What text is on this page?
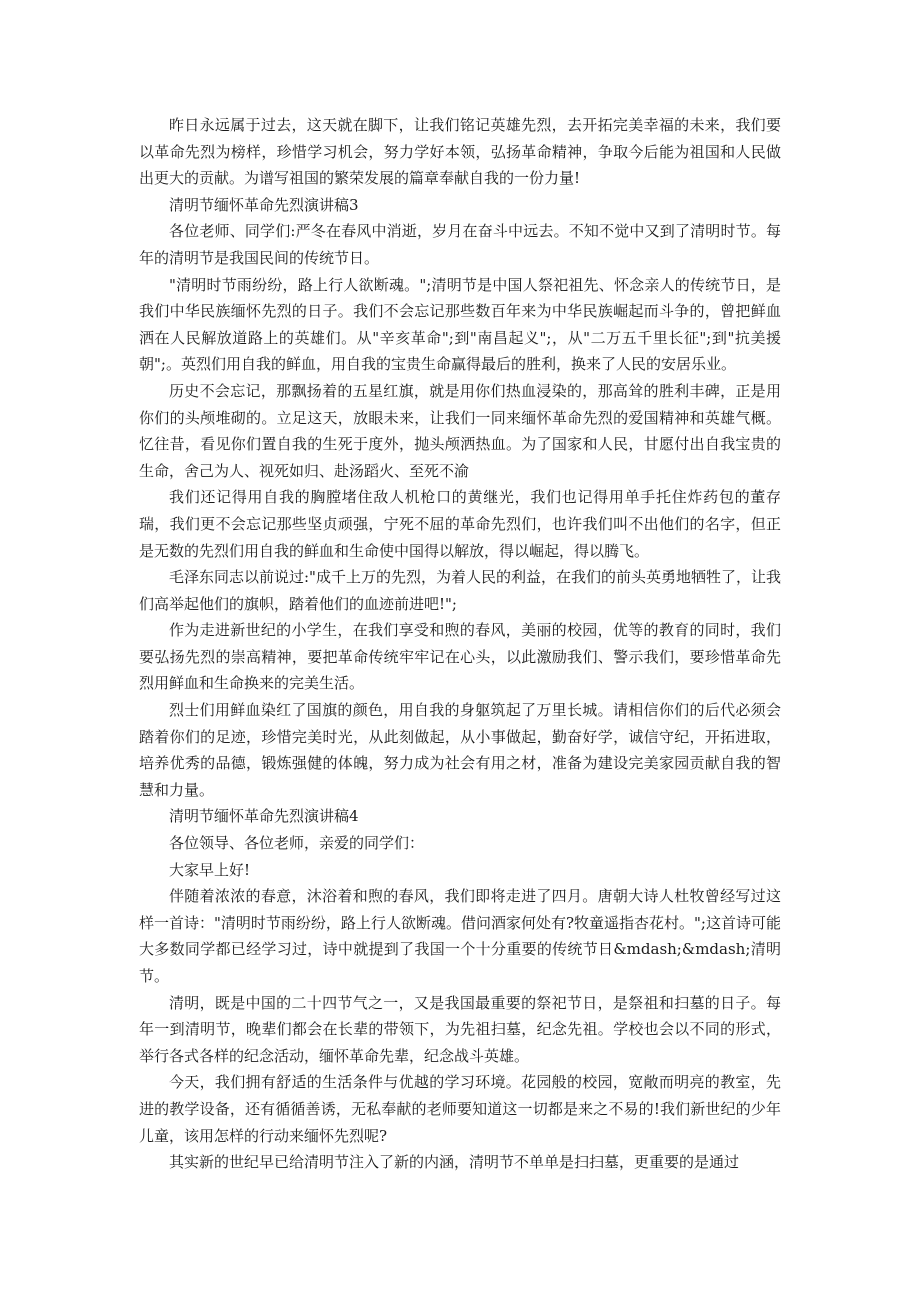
昨日永远属于过去，这天就在脚下，让我们铭记英雄先烈，去开拓完美幸福的未来，我们要以革命先烈为榜样，珍惜学习机会，努力学好本领，弘扬革命精神，争取今后能为祖国和人民做出更大的贡献。为谱写祖国的繁荣发展的篇章奉献自我的一份力量!

清明节缅怀革命先烈演讲稿3

各位老师、同学们:严冬在春风中消逝，岁月在奋斗中远去。不知不觉中又到了清明时节。每年的清明节是我国民间的传统节日。

"清明时节雨纷纷，路上行人欲断魂。";清明节是中国人祭祀祖先、怀念亲人的传统节日，是我们中华民族缅怀先烈的日子。我们不会忘记那些数百年来为中华民族崛起而斗争的，曾把鲜血洒在人民解放道路上的英雄们。从"辛亥革命";到"南昌起义";，从"二万五千里长征";到"抗美援朝";。英烈们用自我的鲜血，用自我的宝贵生命赢得最后的胜利，换来了人民的安居乐业。

历史不会忘记，那飘扬着的五星红旗，就是用你们热血浸染的，那高耸的胜利丰碑，正是用你们的头颅堆砌的。立足这天，放眼未来，让我们一同来缅怀革命先烈的爱国精神和英雄气概。忆往昔，看见你们置自我的生死于度外，抛头颅洒热血。为了国家和人民，甘愿付出自我宝贵的生命，舍己为人、视死如归、赴汤蹈火、至死不渝

我们还记得用自我的胸膛堵住敌人机枪口的黄继光，我们也记得用单手托住炸药包的董存瑞，我们更不会忘记那些坚贞顽强，宁死不屈的革命先烈们，也许我们叫不出他们的名字，但正是无数的先烈们用自我的鲜血和生命使中国得以解放，得以崛起，得以腾飞。

毛泽东同志以前说过:"成千上万的先烈，为着人民的利益，在我们的前头英勇地牺牲了，让我们高举起他们的旗帜，踏着他们的血迹前进吧!";

作为走进新世纪的小学生，在我们享受和煦的春风，美丽的校园，优等的教育的同时，我们要弘扬先烈的崇高精神，要把革命传统牢牢记在心头，以此激励我们、警示我们，要珍惜革命先烈用鲜血和生命换来的完美生活。

烈士们用鲜血染红了国旗的颜色，用自我的身躯筑起了万里长城。请相信你们的后代必须会踏着你们的足迹，珍惜完美时光，从此刻做起，从小事做起，勤奋好学，诚信守纪，开拓进取，培养优秀的品德，锻炼强健的体魄，努力成为社会有用之材，准备为建设完美家园贡献自我的智慧和力量。

清明节缅怀革命先烈演讲稿4

各位领导、各位老师，亲爱的同学们：

大家早上好!

伴随着浓浓的春意，沐浴着和煦的春风，我们即将走进了四月。唐朝大诗人杜牧曾经写过这样一首诗："清明时节雨纷纷，路上行人欲断魂。借问酒家何处有?牧童遥指杏花村。";这首诗可能大多数同学都已经学习过，诗中就提到了我国一个十分重要的传统节日&mdash;&mdash;清明节。

清明，既是中国的二十四节气之一，又是我国最重要的祭祀节日，是祭祖和扫墓的日子。每年一到清明节，晚辈们都会在长辈的带领下，为先祖扫墓，纪念先祖。学校也会以不同的形式，举行各式各样的纪念活动，缅怀革命先辈，纪念战斗英雄。

今天，我们拥有舒适的生活条件与优越的学习环境。花园般的校园，宽敞而明亮的教室，先进的教学设备，还有循循善诱，无私奉献的老师要知道这一切都是来之不易的!我们新世纪的少年儿童，该用怎样的行动来缅怀先烈呢?

其实新的世纪早已给清明节注入了新的内涵，清明节不单单是扫扫墓，更重要的是通过
